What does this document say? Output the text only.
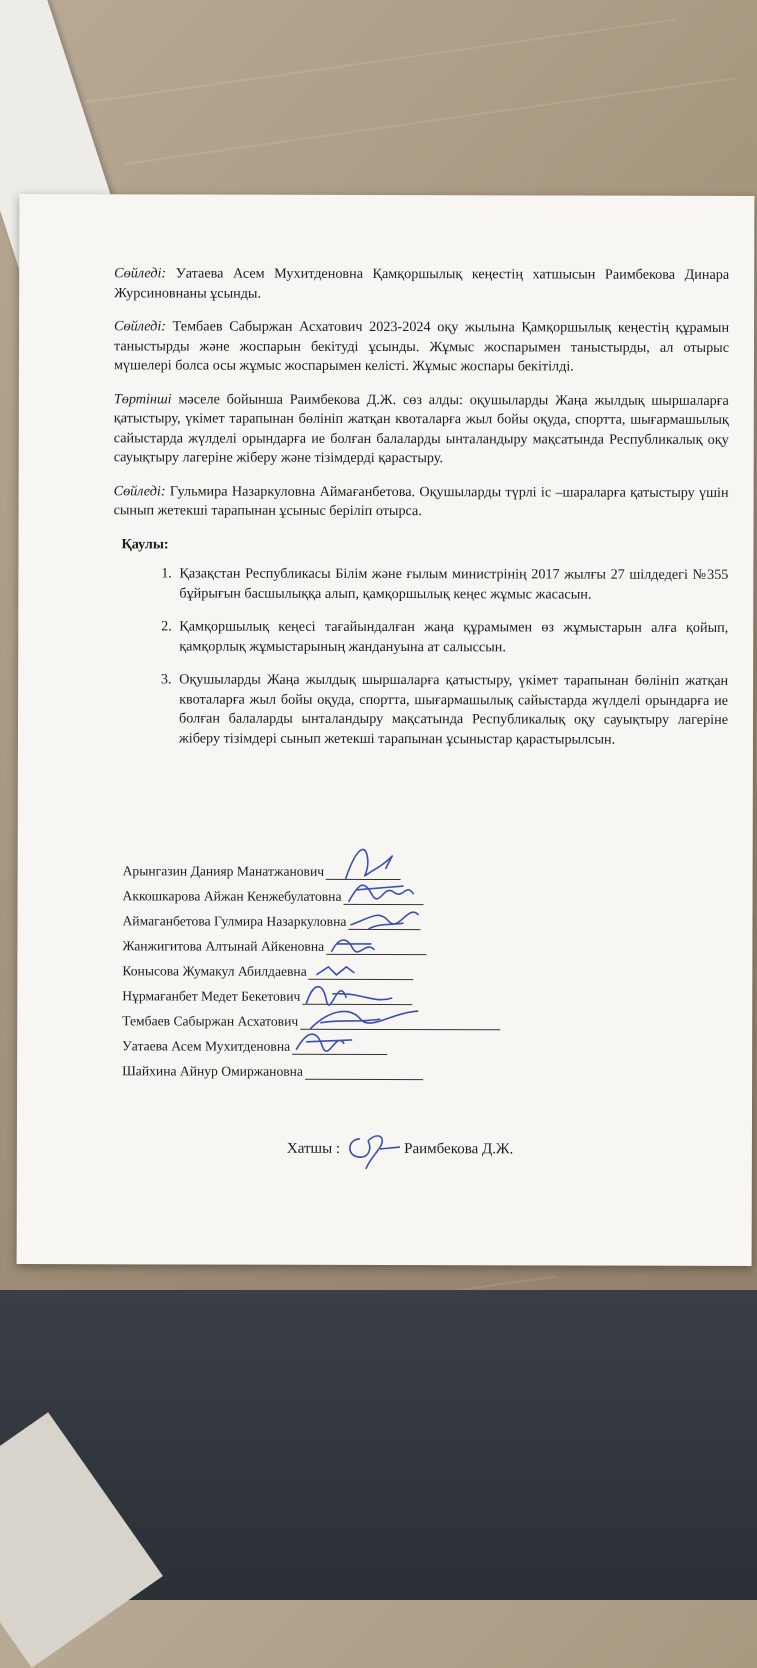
Сөйледі: Уатаева Асем Мухитденовна Қамқоршылық кеңестің хатшысын Раимбекова Динара Журсиновнаны ұсынды.

Сөйледі: Тембаев Сабыржан Асхатович 2023-2024 оқу жылына Қамқоршылық кеңестің құрамын таныстырды және жоспарын бекітуді ұсынды. Жұмыс жоспарымен таныстырды, ал отырыс мүшелері болса осы жұмыс жоспарымен келісті. Жұмыс жоспары бекітілді.

Төртінші мәселе бойынша Раимбекова Д.Ж. сөз алды: оқушыларды Жаңа жылдық шыршаларға қатыстыру, үкімет тарапынан бөлініп жатқан квоталарға жыл бойы оқуда, спортта, шығармашылық сайыстарда жүлделі орындарға ие болған балаларды ынталандыру мақсатында Республикалық оқу сауықтыру лагеріне жіберу және тізімдерді қарастыру.

Сөйледі: Гульмира Назаркуловна Аймағанбетова. Оқушыларды түрлі іс –шараларға қатыстыру үшін сынып жетекші тарапынан ұсыныс беріліп отырса.

Қаулы:
1. Қазақстан Республикасы Білім және ғылым министрінің 2017 жылғы 27 шілдедегі №355 бұйрығын басшылыққа алып, қамқоршылық кеңес жұмыс жасасын.
2. Қамқоршылық кеңесі тағайындалған жаңа құрамымен өз жұмыстарын алға қойып, қамқорлық жұмыстарының жандануына ат салыссын.
3. Оқушыларды Жаңа жылдық шыршаларға қатыстыру, үкімет тарапынан бөлініп жатқан квоталарға жыл бойы оқуда, спортта, шығармашылық сайыстарда жүлделі орындарға ие болған балаларды ынталандыру мақсатында Республикалық оқу сауықтыру лагеріне жіберу тізімдері сынып жетекші тарапынан ұсыныстар қарастырылсын.
Арынгазин Данияр Манатжанович
Аккошкарова Айжан Кенжебулатовна
Аймаганбетова Гулмира Назаркуловна
Жанжигитова Алтынай Айкеновна
Конысова Жумакул Абилдаевна
Нұрмағанбет Медет Бекетович
Тембаев Сабыржан Асхатович
Уатаева Асем Мухитденовна
Шайхина Айнур Омиржановна
Хатшы :	Раимбекова Д.Ж.
